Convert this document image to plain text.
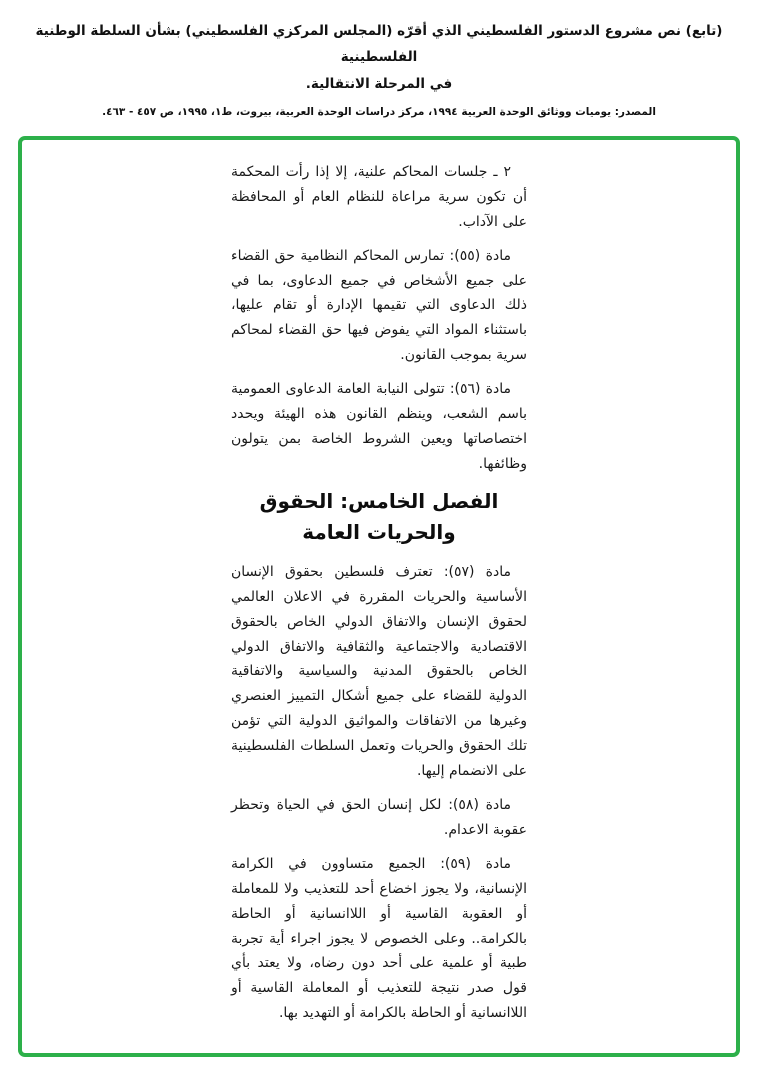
(تابع) نص مشروع الدستور الفلسطيني الذي أقرّه (المجلس المركزي الفلسطيني) بشأن السلطة الوطنية الفلسطينية
في المرحلة الانتقالية.
المصدر: يوميات ووثائق الوحدة العربية ١٩٩٤، مركز دراسات الوحدة العربية، بيروت، ط١، ١٩٩٥، ص ٤٥٧ - ٤٦٣.

٢ ـ جلسات المحاكم علنية، إلا إذا رأت المحكمة أن تكون سرية مراعاة للنظام العام أو المحافظة على الآداب.

مادة (٥٥): تمارس المحاكم النظامية حق القضاء على جميع الأشخاص في جميع الدعاوى، بما في ذلك الدعاوى التي تقيمها الإدارة أو تقام عليها، باستثناء المواد التي يفوض فيها حق القضاء لمحاكم سرية بموجب القانون.

مادة (٥٦): تتولى النيابة العامة الدعاوى العمومية باسم الشعب، وينظم القانون هذه الهيئة ويحدد اختصاصاتها ويعين الشروط الخاصة بمن يتولون وظائفها.

الفصل الخامس: الحقوق والحريات العامة

مادة (٥٧): تعترف فلسطين بحقوق الإنسان الأساسية والحريات المقررة في الاعلان العالمي لحقوق الإنسان والاتفاق الدولي الخاص بالحقوق الاقتصادية والاجتماعية والثقافية والاتفاق الدولي الخاص بالحقوق المدنية والسياسية والاتفاقية الدولية للقضاء على جميع أشكال التمييز العنصري وغيرها من الاتفاقات والمواثيق الدولية التي تؤمن تلك الحقوق والحريات وتعمل السلطات الفلسطينية على الانضمام إليها.

مادة (٥٨): لكل إنسان الحق في الحياة وتحظر عقوبة الاعدام.

مادة (٥٩): الجميع متساوون في الكرامة الإنسانية، ولا يجوز اخضاع أحد للتعذيب ولا للمعاملة أو العقوبة القاسية أو اللاانسانية أو الحاطة بالكرامة.. وعلى الخصوص لا يجوز اجراء أية تجربة طبية أو علمية على أحد دون رضاه، ولا يعتد بأي قول صدر نتيجة للتعذيب أو المعاملة القاسية أو اللاانسانية أو الحاطة بالكرامة أو التهديد بها.
